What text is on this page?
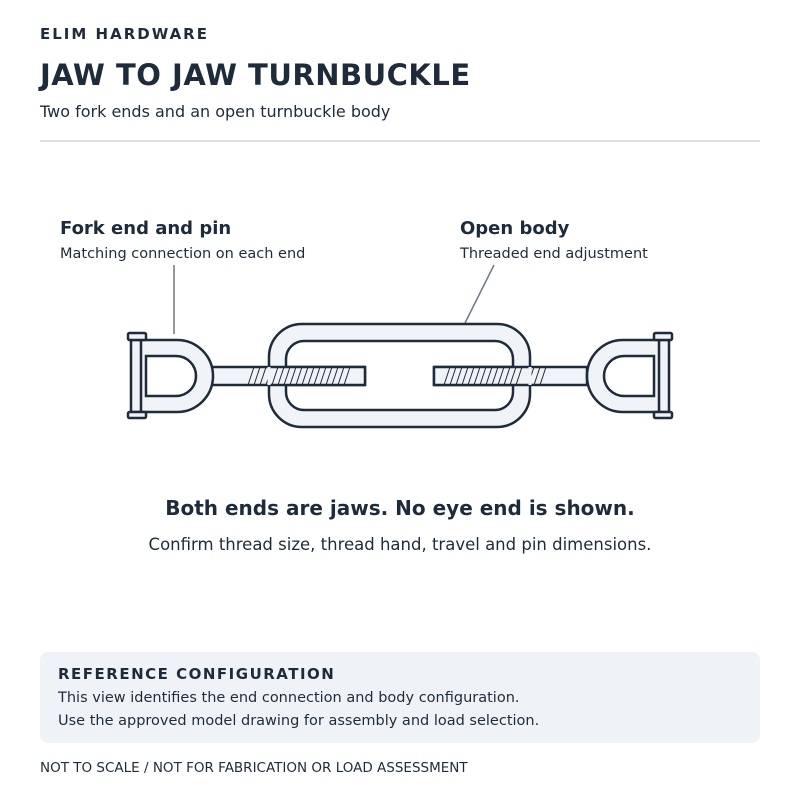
ELIM HARDWARE
JAW TO JAW TURNBUCKLE
Two fork ends and an open turnbuckle body
Fork end and pin
Matching connection on each end
Open body
Threaded end adjustment
Both ends are jaws. No eye end is shown.
Confirm thread size, thread hand, travel and pin dimensions.
REFERENCE CONFIGURATION
This view identifies the end connection and body configuration.
Use the approved model drawing for assembly and load selection.
NOT TO SCALE / NOT FOR FABRICATION OR LOAD ASSESSMENT
